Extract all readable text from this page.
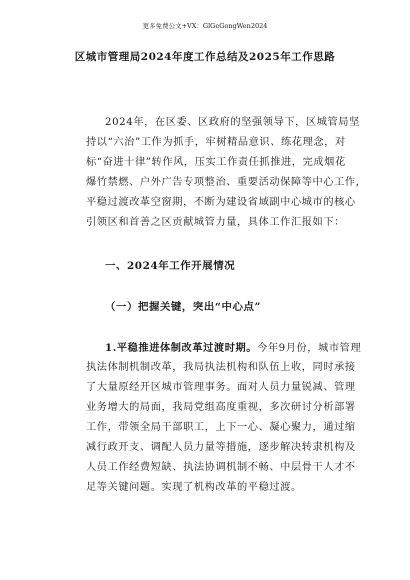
更多免费公文+VX：GlGeGongWen2024
区城市管理局2024年度工作总结及2025年工作思路
2024年，在区委、区政府的坚强领导下，区城管局坚
持以“六治”工作为抓手，牢树精品意识、练花理念，对
标“奋进十律”转作风，压实工作责任抓推进，完成烟花
爆竹禁燃、户外广告专项整治、重要活动保障等中心工作，
平稳过渡改革空窗期，不断为建设省域副中心城市的核心
引领区和首善之区贡献城管力量，具体工作汇报如下：
一、2024年工作开展情况
（一）把握关键，突出“中心点”
1.平稳推进体制改革过渡时期。今年9月份，城市管理
执法体制机制改革，我局执法机构和队伍上收，同时承接
了大量原经开区城市管理事务。面对人员力量锐减、管理
业务增大的局面，我局党组高度重视，多次研讨分析部署
工作，带领全局干部职工，上下一心、凝心聚力，通过缩
减行政开支、调配人员力量等措施，逐步解决转隶机构及
人员工作经费短缺、执法协调机制不畅、中层骨干人才不
足等关键问题。实现了机构改革的平稳过渡。
